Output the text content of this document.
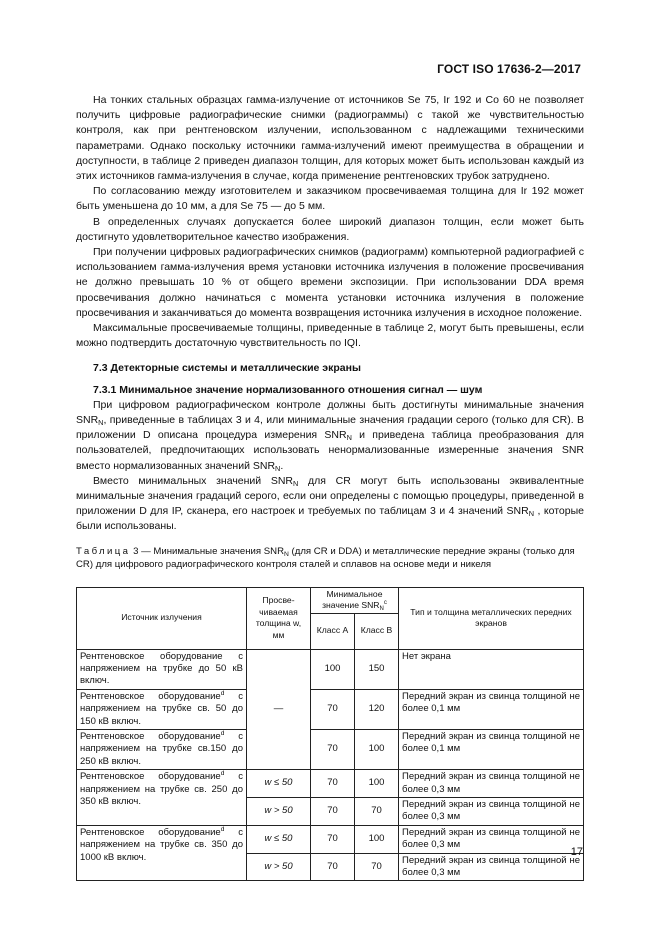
ГОСТ ISO 17636-2—2017

На тонких стальных образцах гамма-излучение от источников Se 75, Ir 192 и Co 60 не позволяет получить цифровые радиографические снимки (радиограммы) с такой же чувствительностью контроля, как при рентгеновском излучении, использованном с надлежащими техническими параметрами. Однако поскольку источники гамма-излучений имеют преимущества в обращении и доступности, в таблице 2 приведен диапазон толщин, для которых может быть использован каждый из этих источников гамма-излучения в случае, когда применение рентгеновских трубок затруднено.

По согласованию между изготовителем и заказчиком просвечиваемая толщина для Ir 192 может быть уменьшена до 10 мм, а для Se 75 — до 5 мм.

В определенных случаях допускается более широкий диапазон толщин, если может быть достигнуто удовлетворительное качество изображения.

При получении цифровых радиографических снимков (радиограмм) компьютерной радиографией с использованием гамма-излучения время установки источника излучения в положение просвечивания не должно превышать 10 % от общего времени экспозиции. При использовании DDA время просвечивания должно начинаться с момента установки источника излучения в положение просвечивания и заканчиваться до момента возвращения источника излучения в исходное положение.

Максимальные просвечиваемые толщины, приведенные в таблице 2, могут быть превышены, если можно подтвердить достаточную чувствительность по IQI.

7.3 Детекторные системы и металлические экраны
7.3.1 Минимальное значение нормализованного отношения сигнал — шум

При цифровом радиографическом контроле должны быть достигнуты минимальные значения $SNR_N$, приведенные в таблицах 3 и 4, или минимальные значения градации серого (только для CR). В приложении D описана процедура измерения $SNR_N$ и приведена таблица преобразования для пользователей, предпочитающих использовать ненормализованные измеренные значения SNR вместо нормализованных значений $SNR_N$.

Вместо минимальных значений $SNR_N$ для CR могут быть использованы эквивалентные минимальные значения градаций серого, если они определены с помощью процедуры, приведенной в приложении D для IP, сканера, его настроек и требуемых по таблицам 3 и 4 значений $SNR_N$ , которые были использованы.

Таблица 3 — Минимальные значения $SNR_N$ (для CR и DDA) и металлические передние экраны (только для CR) для цифрового радиографического контроля сталей и сплавов на основе меди и никеля
Источник излучения	Просве-чиваемая толщина w, мм	Минимальное значение $SNR_N^c$		Тип и толщина металлических передних экранов
		Класс А	Класс В	
Рентгеновское оборудование с напряжением на трубке до 50 кВ включ.	—	100	150	Нет экрана
Рентгеновское оборудование$^d$ с напряжением на трубке св. 50 до 150 кВ включ.		70	120	Передний экран из свинца толщиной не более 0,1 мм
Рентгеновское оборудование$^d$ с напряжением на трубке св.150 до 250 кВ включ.		70	100	Передний экран из свинца толщиной не более 0,1 мм
Рентгеновское оборудование$^d$ с напряжением на трубке св. 250 до 350 кВ включ.	w ≤ 50	70	100	Передний экран из свинца толщиной не более 0,3 мм
	w > 50	70	70	Передний экран из свинца толщиной не более 0,3 мм
Рентгеновское оборудование$^d$ с напряжением на трубке св. 350 до 1000 кВ включ.	w ≤ 50	70	100	Передний экран из свинца толщиной не более 0,3 мм
	w > 50	70	70	Передний экран из свинца толщиной не более 0,3 мм
17
